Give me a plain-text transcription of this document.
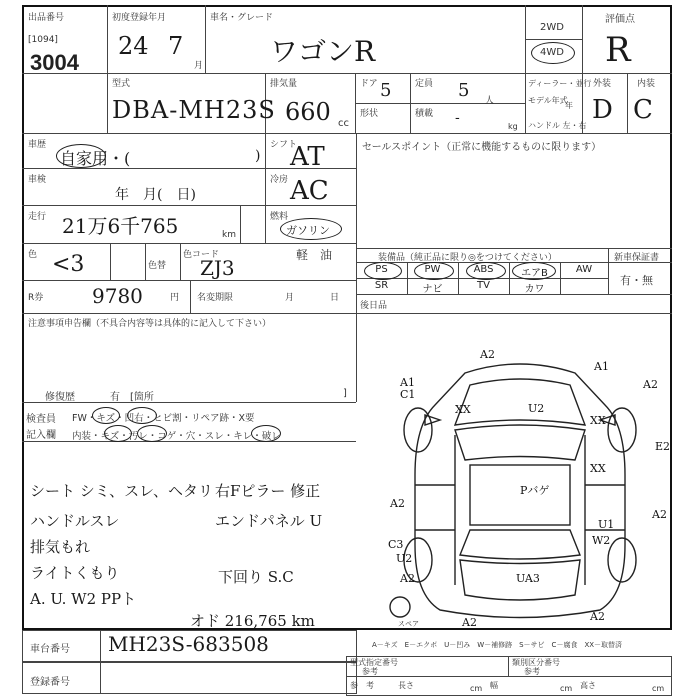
出品番号
[1094]
3004
初度登録年月
24 7
月
車名・グレード
ワゴンR
2WD
4WD
評価点
R
型式
DBA-MH23S
排気量
660 cc
ドア 5
形状
定員 5 人
積載 -
kg
ディーラー・並行
モデル年式
年
ハンドル 左・右
外装	内装
D C
車歴
自家用・(	)
シフト
AT
車検
年　月(　日)
冷房 AC
走行 21万6千765	km
燃料
ガソリン
軽　油
色 <3	色替
色コード
ZJ3
R券 9780	円 名変期限	月	日
セールスポイント（正常に機能するものに限ります）
装備品（純正品に限り◎をつけてください）	新車保証書
有・無
PS	PW	ABS	エアB	AW
SR	ナビ	TV	カワ
後日品
注意事項申告欄（不具合内容等は具体的に記入して下さい）
修復歴	有　[箇所	]
検査員
記入欄
FW・キズ・凹右・ヒビ割・リペア跡・X要
内装・キズ・汚レ・コゲ・穴・スレ・キレ・破レ
シート シミ、スレ、ヘタリ
ハンドルスレ
排気もれ
ライトくもり
A. U. W2 PPト
右Fピラー 修正
エンドパネル U
下回り S.C
オド 216,765 km
A2
A1
A1
C1
A2
U2
XX
XX
E2
XX
Pバゲ
A2
U1
W2
A2
C3
U2
A2	UA3
A2	A2
スペア
A－キズ　E－エクボ　U－凹み　W－補修跡　S－サビ　C－腐食　XX－取替済
車台番号 MH23S-683508
登録番号
型式指定番号
参考
類別区分番号
参考
参　考	長さ	cm 幅	cm 高さ	cm
